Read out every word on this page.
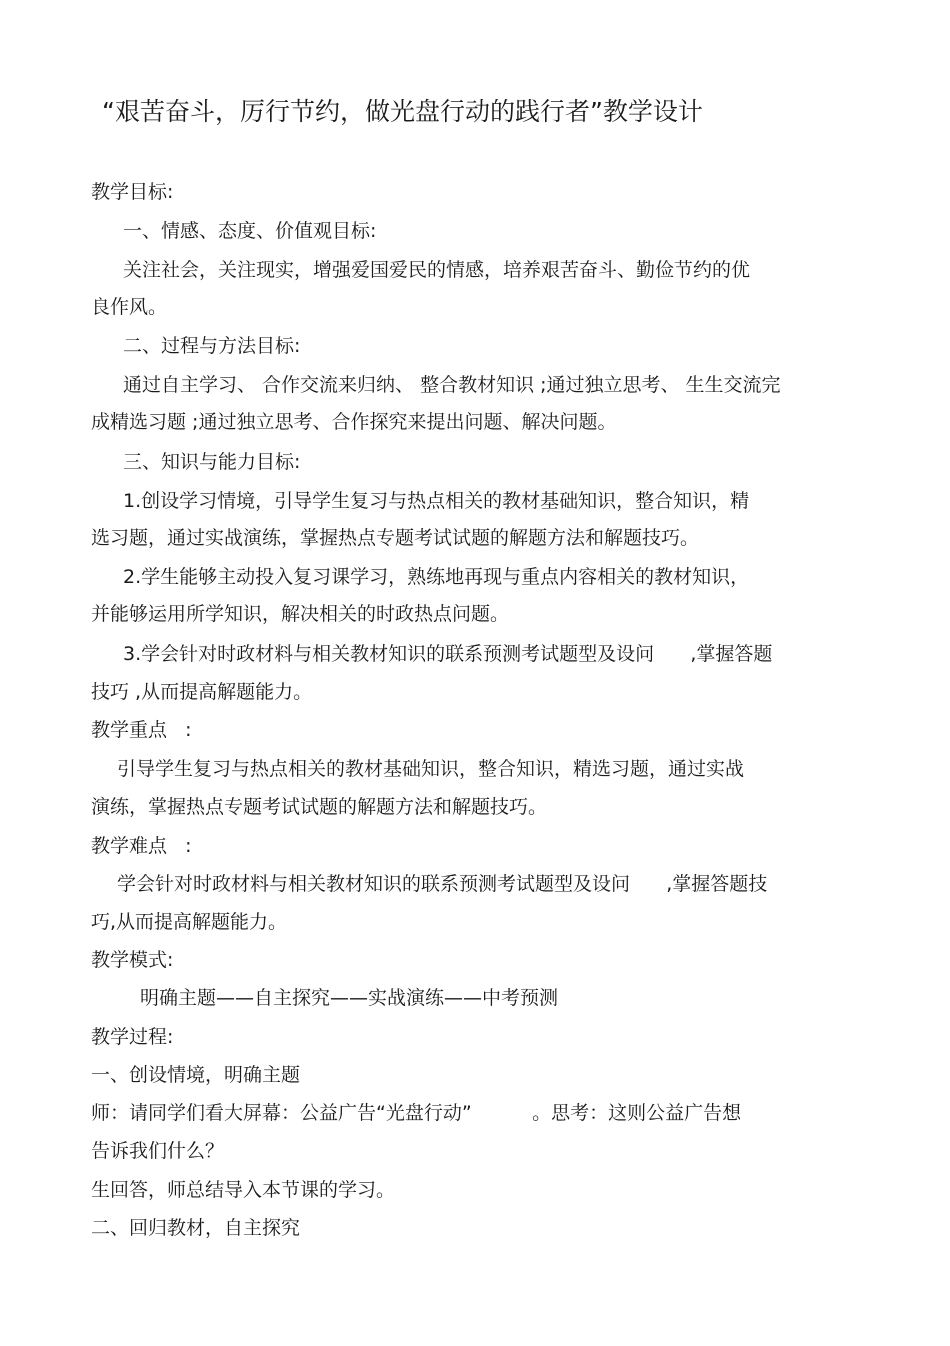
“艰苦奋斗，厉行节约，做光盘行动的践行者”教学设计
教学目标:
一、情感、态度、价值观目标:
关注社会，关注现实，增强爱国爱民的情感，培养艰苦奋斗、勤俭节约的优
良作风。
二、过程与方法目标:
通过自主学习、 合作交流来归纳、 整合教材知识 ;通过独立思考、 生生交流完
成精选习题 ;通过独立思考、合作探究来提出问题、解决问题。
三、知识与能力目标:
1.创设学习情境，引导学生复习与热点相关的教材基础知识，整合知识，精
选习题，通过实战演练，掌握热点专题考试试题的解题方法和解题技巧。
2.学生能够主动投入复习课学习，熟练地再现与重点内容相关的教材知识，
并能够运用所学知识，解决相关的时政热点问题。
3.学会针对时政材料与相关教材知识的联系预测考试题型及设问      ,掌握答题
技巧 ,从而提高解题能力。
教学重点   :
引导学生复习与热点相关的教材基础知识，整合知识，精选习题，通过实战
演练，掌握热点专题考试试题的解题方法和解题技巧。
教学难点   :
学会针对时政材料与相关教材知识的联系预测考试题型及设问      ,掌握答题技
巧,从而提高解题能力。
教学模式:
明确主题——自主探究——实战演练——中考预测
教学过程:
一、创设情境，明确主题
师：请同学们看大屏幕：公益广告“光盘行动”          。思考：这则公益广告想
告诉我们什么？
生回答，师总结导入本节课的学习。
二、回归教材，自主探究
